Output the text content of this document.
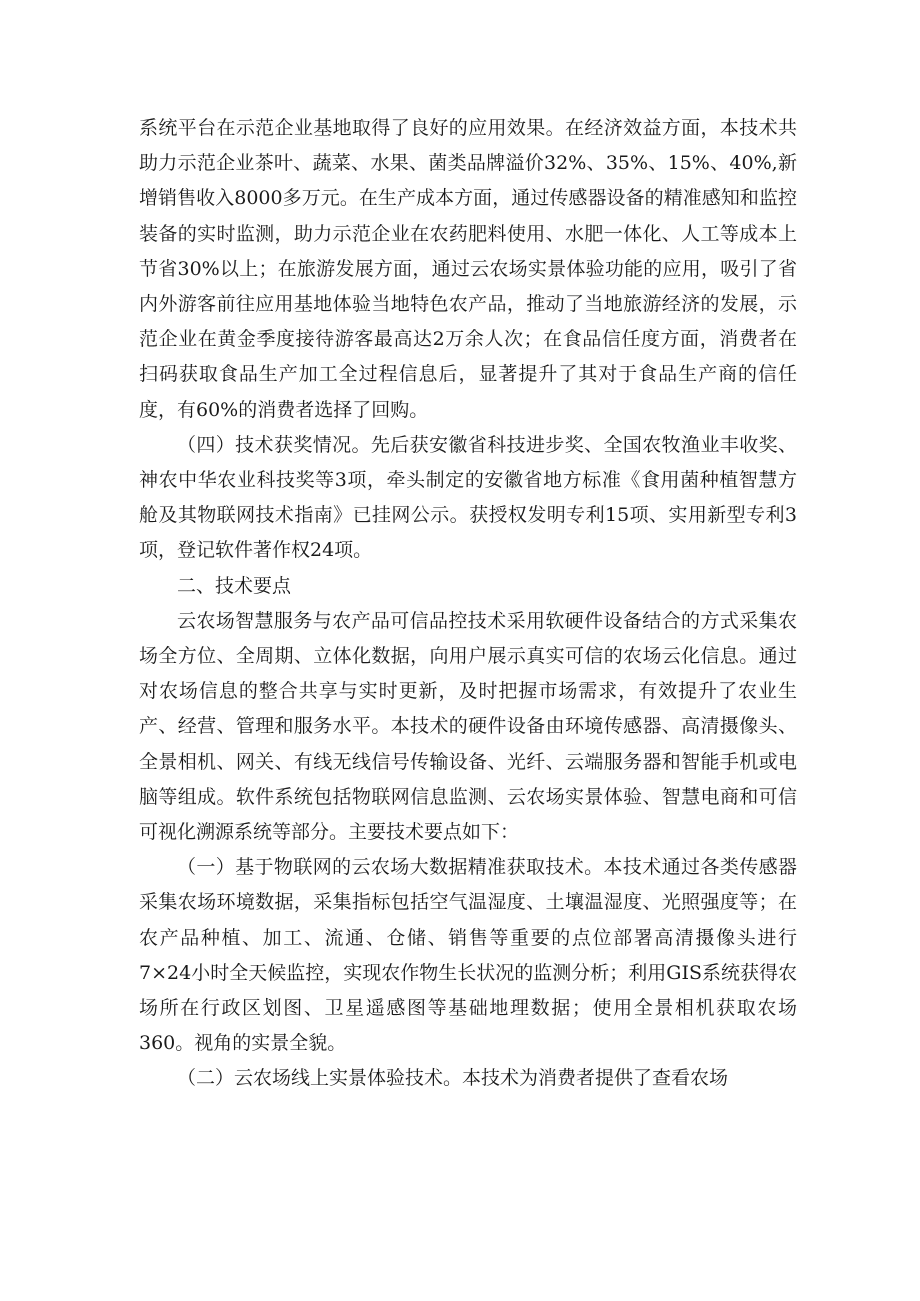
系统平台在示范企业基地取得了良好的应用效果。在经济效益方面，本技术共助力示范企业茶叶、蔬菜、水果、菌类品牌溢价32%、35%、15%、40%,新增销售收入8000多万元。在生产成本方面，通过传感器设备的精准感知和监控装备的实时监测，助力示范企业在农药肥料使用、水肥一体化、人工等成本上节省30%以上；在旅游发展方面，通过云农场实景体验功能的应用，吸引了省内外游客前往应用基地体验当地特色农产品，推动了当地旅游经济的发展，示范企业在黄金季度接待游客最高达2万余人次；在食品信任度方面，消费者在扫码获取食品生产加工全过程信息后，显著提升了其对于食品生产商的信任度，有60%的消费者选择了回购。

（四）技术获奖情况。先后获安徽省科技进步奖、全国农牧渔业丰收奖、神农中华农业科技奖等3项，牵头制定的安徽省地方标准《食用菌种植智慧方舱及其物联网技术指南》已挂网公示。获授权发明专利15项、实用新型专利3项，登记软件著作权24项。

二、技术要点

云农场智慧服务与农产品可信品控技术采用软硬件设备结合的方式采集农场全方位、全周期、立体化数据，向用户展示真实可信的农场云化信息。通过对农场信息的整合共享与实时更新，及时把握市场需求，有效提升了农业生产、经营、管理和服务水平。本技术的硬件设备由环境传感器、高清摄像头、全景相机、网关、有线无线信号传输设备、光纤、云端服务器和智能手机或电脑等组成。软件系统包括物联网信息监测、云农场实景体验、智慧电商和可信可视化溯源系统等部分。主要技术要点如下：

（一）基于物联网的云农场大数据精准获取技术。本技术通过各类传感器采集农场环境数据，采集指标包括空气温湿度、土壤温湿度、光照强度等；在农产品种植、加工、流通、仓储、销售等重要的点位部署高清摄像头进行7×24小时全天候监控，实现农作物生长状况的监测分析；利用GIS系统获得农场所在行政区划图、卫星遥感图等基础地理数据；使用全景相机获取农场360。视角的实景全貌。

（二）云农场线上实景体验技术。本技术为消费者提供了查看农场
